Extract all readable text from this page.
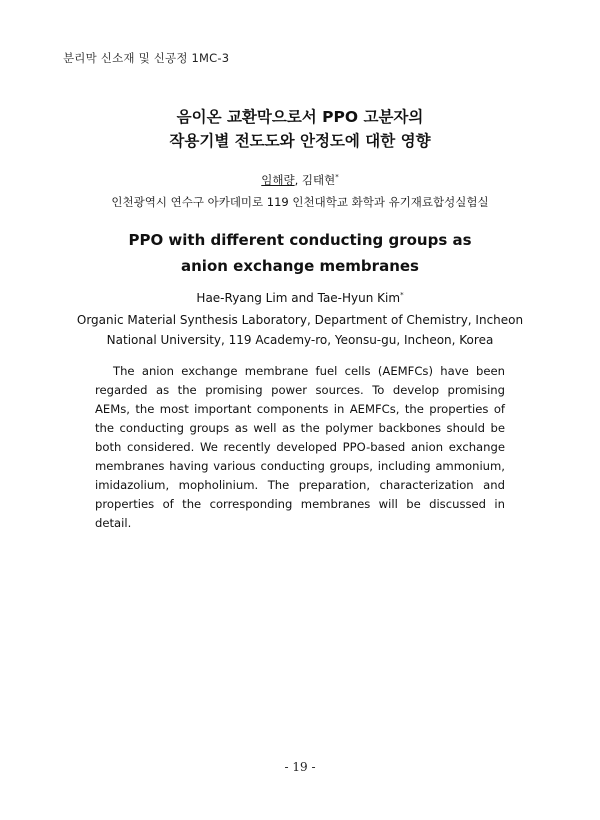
분리막 신소재 및 신공정 1MC-3
음이온 교환막으로서 PPO 고분자의
작용기별 전도도와 안정도에 대한 영향
임해량, 김태현*
인천광역시 연수구 아카데미로 119 인천대학교 화학과 유기재료합성실험실
PPO with different conducting groups as
anion exchange membranes
Hae-Ryang Lim and Tae-Hyun Kim*
Organic Material Synthesis Laboratory, Department of Chemistry, Incheon
National University, 119 Academy-ro, Yeonsu-gu, Incheon, Korea

The anion exchange membrane fuel cells (AEMFCs) have been regarded as the promising power sources. To develop promising AEMs, the most important components in AEMFCs, the properties of the conducting groups as well as the polymer backbones should be both considered. We recently developed PPO-based anion exchange membranes having various conducting groups, including ammonium, imidazolium, mopholinium. The preparation, characterization and properties of the corresponding membranes will be discussed in detail.

- 19 -
